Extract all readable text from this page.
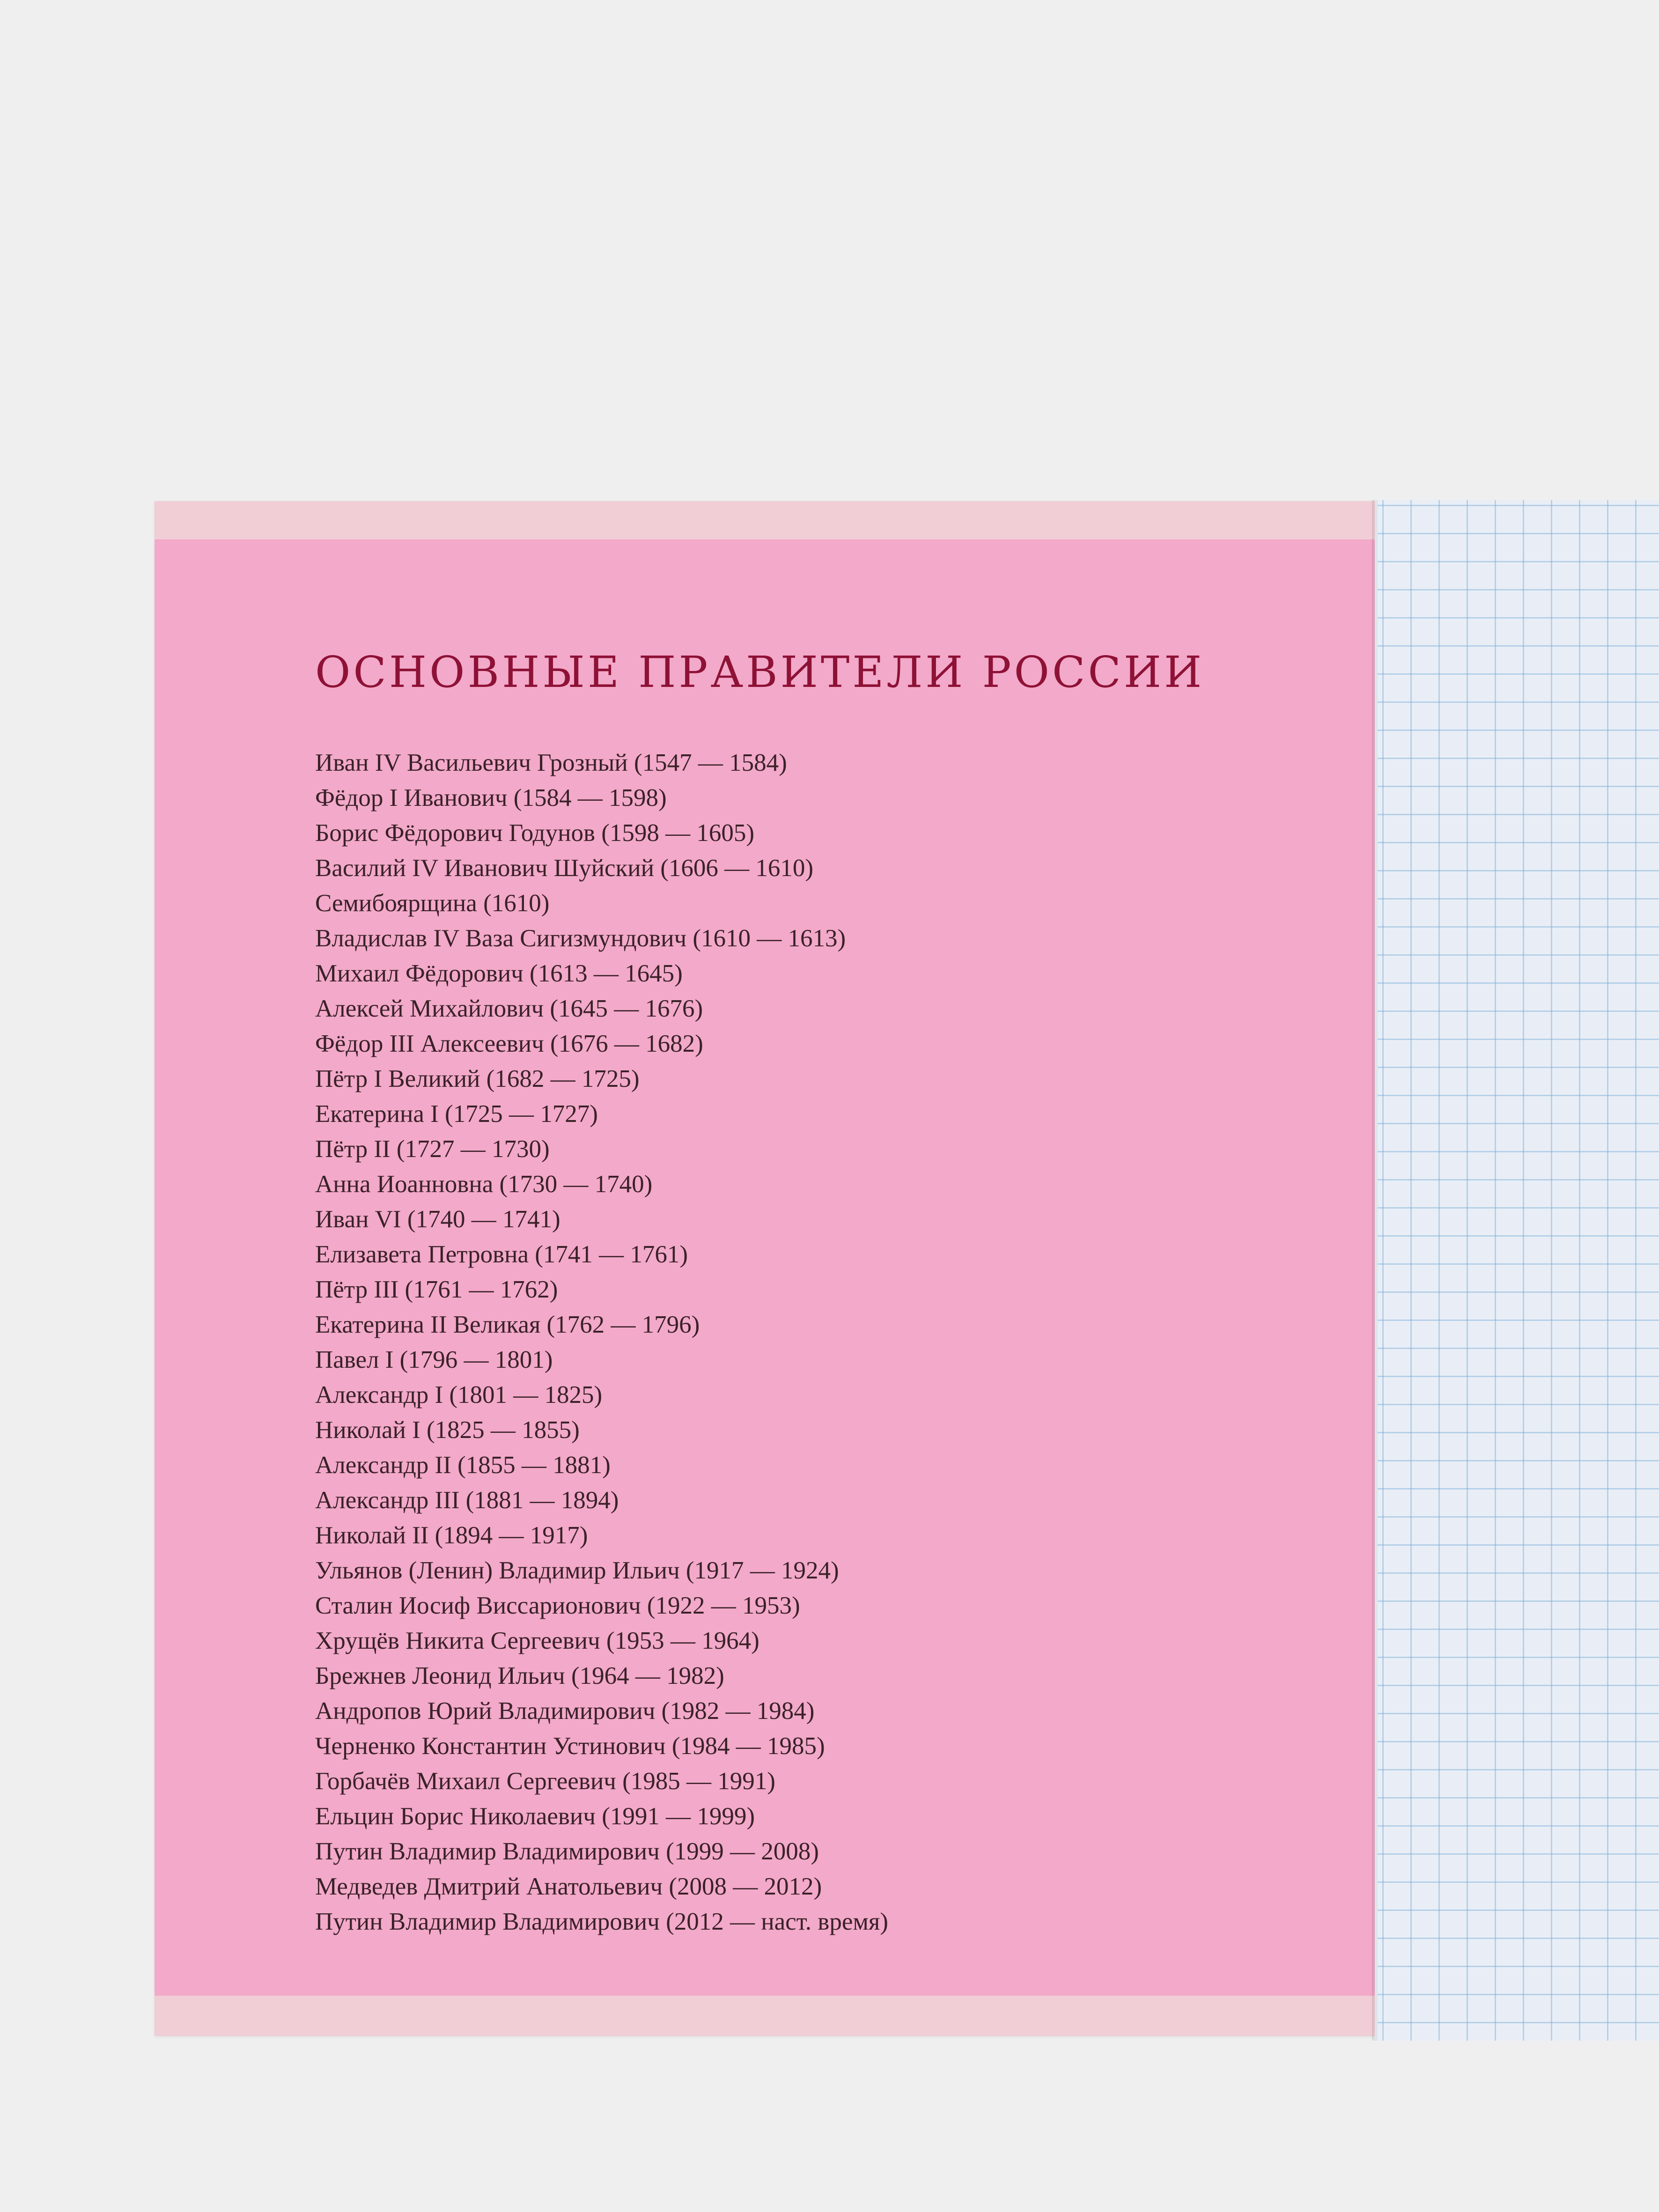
ОСНОВНЫЕ ПРАВИТЕЛИ РОССИИ
Иван IV Васильевич Грозный (1547 — 1584)
Фёдор I Иванович (1584 — 1598)
Борис Фёдорович Годунов (1598 — 1605)
Василий IV Иванович Шуйский (1606 — 1610)
Семибоярщина (1610)
Владислав IV Ваза Сигизмундович (1610 — 1613)
Михаил Фёдорович (1613 — 1645)
Алексей Михайлович (1645 — 1676)
Фёдор III Алексеевич (1676 — 1682)
Пётр I Великий (1682 — 1725)
Екатерина I (1725 — 1727)
Пётр II (1727 — 1730)
Анна Иоанновна (1730 — 1740)
Иван VI (1740 — 1741)
Елизавета Петровна (1741 — 1761)
Пётр III (1761 — 1762)
Екатерина II Великая (1762 — 1796)
Павел I (1796 — 1801)
Александр I (1801 — 1825)
Николай I (1825 — 1855)
Александр II (1855 — 1881)
Александр III (1881 — 1894)
Николай II (1894 — 1917)
Ульянов (Ленин) Владимир Ильич (1917 — 1924)
Сталин Иосиф Виссарионович (1922 — 1953)
Хрущёв Никита Сергеевич (1953 — 1964)
Брежнев Леонид Ильич (1964 — 1982)
Андропов Юрий Владимирович (1982 — 1984)
Черненко Константин Устинович (1984 — 1985)
Горбачёв Михаил Сергеевич (1985 — 1991)
Ельцин Борис Николаевич (1991 — 1999)
Путин Владимир Владимирович (1999 — 2008)
Медведев Дмитрий Анатольевич (2008 — 2012)
Путин Владимир Владимирович (2012 — наст. время)
